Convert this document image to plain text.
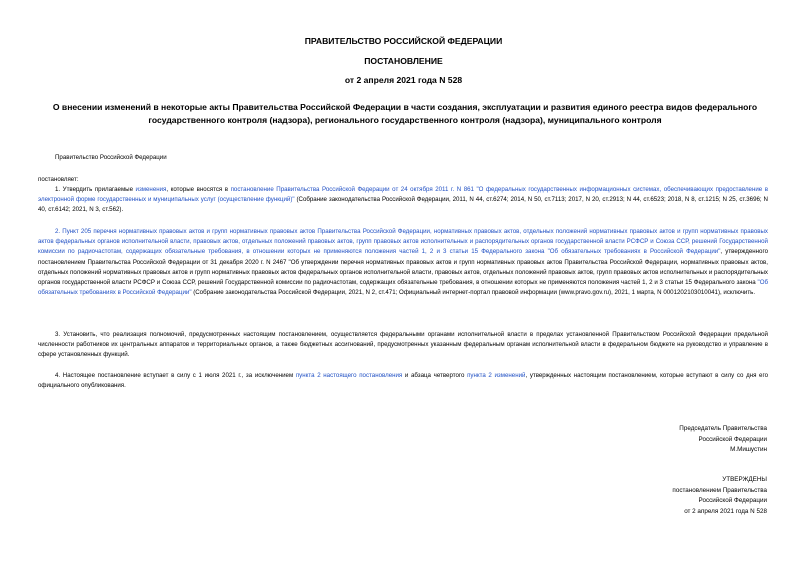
ПРАВИТЕЛЬСТВО РОССИЙСКОЙ ФЕДЕРАЦИИ
ПОСТАНОВЛЕНИЕ
от 2 апреля 2021 года N 528
О внесении изменений в некоторые акты Правительства Российской Федерации в части создания, эксплуатации и развития единого реестра видов федерального государственного контроля (надзора), регионального государственного контроля (надзора), муниципального контроля
Правительство Российской Федерации
постановляет:
1. Утвердить прилагаемые изменения, которые вносятся в постановление Правительства Российской Федерации от 24 октября 2011 г. N 861 "О федеральных государственных информационных системах, обеспечивающих предоставление в электронной форме государственных и муниципальных услуг (осуществление функций)" (Собрание законодательства Российской Федерации, 2011, N 44, ст.6274; 2014, N 50, ст.7113; 2017, N 20, ст.2913; N 44, ст.6523; 2018, N 8, ст.1215; N 25, ст.3696; N 40, ст.6142; 2021, N 3, ст.562).
2. Пункт 205 перечня нормативных правовых актов и групп нормативных правовых актов Правительства Российской Федерации, нормативных правовых актов, отдельных положений нормативных правовых актов и групп нормативных правовых актов федеральных органов исполнительной власти, правовых актов, отдельных положений правовых актов, групп правовых актов исполнительных и распорядительных органов государственной власти РСФСР и Союза ССР, решений Государственной комиссии по радиочастотам, содержащих обязательные требования, в отношении которых не применяются положения частей 1, 2 и 3 статьи 15 Федерального закона "Об обязательных требованиях в Российской Федерации", утвержденного постановлением Правительства Российской Федерации от 31 декабря 2020 г. N 2467 "Об утверждении перечня нормативных правовых актов и групп нормативных правовых актов Правительства Российской Федерации, нормативных правовых актов, отдельных положений нормативных правовых актов и групп нормативных правовых актов федеральных органов исполнительной власти, правовых актов, отдельных положений правовых актов, групп правовых актов исполнительных и распорядительных органов государственной власти РСФСР и Союза ССР, решений Государственной комиссии по радиочастотам, содержащих обязательные требования, в отношении которых не применяются положения частей 1, 2 и 3 статьи 15 Федерального закона "Об обязательных требованиях в Российской Федерации" (Собрание законодательства Российской Федерации, 2021, N 2, ст.471; Официальный интернет-портал правовой информации (www.pravo.gov.ru), 2021, 1 марта, N 0001202103010041), исключить.
3. Установить, что реализация полномочий, предусмотренных настоящим постановлением, осуществляется федеральными органами исполнительной власти в пределах установленной Правительством Российской Федерации предельной численности работников их центральных аппаратов и территориальных органов, а также бюджетных ассигнований, предусмотренных указанным федеральным органам исполнительной власти в федеральном бюджете на руководство и управление в сфере установленных функций.
4. Настоящее постановление вступает в силу с 1 июля 2021 г., за исключением пункта 2 настоящего постановления и абзаца четвертого пункта 2 изменений, утвержденных настоящим постановлением, которые вступают в силу со дня его официального опубликования.
Председатель Правительства
Российской Федерации
М.Мишустин
УТВЕРЖДЕНЫ
постановлением Правительства
Российской Федерации
от 2 апреля 2021 года N 528
